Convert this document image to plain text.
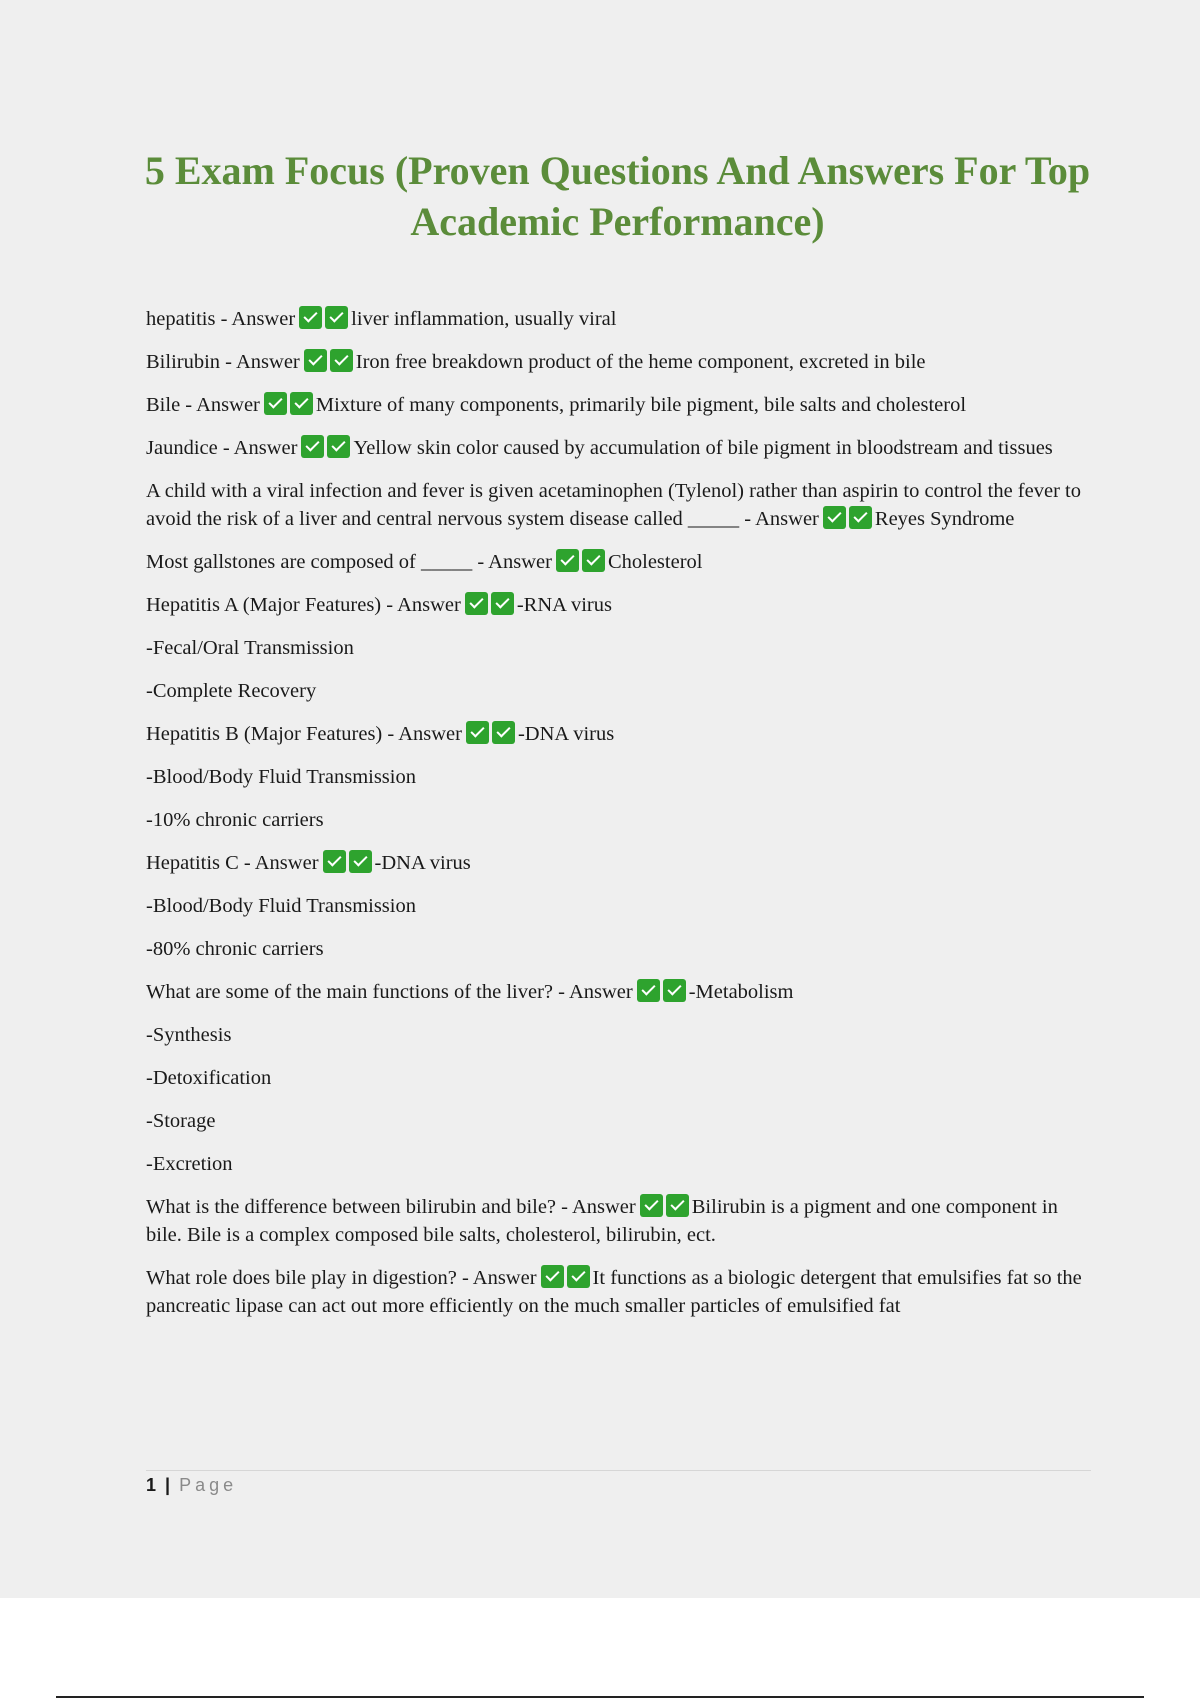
5 Exam Focus (Proven Questions And Answers For Top Academic Performance)
hepatitis - Answer	liver inflammation, usually viral
Bilirubin - Answer	Iron free breakdown product of the heme component, excreted in bile
Bile - Answer	Mixture of many components, primarily bile pigment, bile salts and cholesterol
Jaundice - Answer	Yellow skin color caused by accumulation of bile pigment in bloodstream and tissues
A child with a viral infection and fever is given acetaminophen (Tylenol) rather than aspirin to control the fever to avoid the risk of a liver and central nervous system disease called _____ - Answer	Reyes Syndrome
Most gallstones are composed of _____ - Answer	Cholesterol
Hepatitis A (Major Features) - Answer	-RNA virus
-Fecal/Oral Transmission
-Complete Recovery
Hepatitis B (Major Features) - Answer	-DNA virus
-Blood/Body Fluid Transmission
-10% chronic carriers
Hepatitis C - Answer	-DNA virus
-Blood/Body Fluid Transmission
-80% chronic carriers
What are some of the main functions of the liver? - Answer	-Metabolism
-Synthesis
-Detoxification
-Storage
-Excretion
What is the difference between bilirubin and bile? - Answer	Bilirubin is a pigment and one component in bile. Bile is a complex composed bile salts, cholesterol, bilirubin, ect.
What role does bile play in digestion? - Answer	It functions as a biologic detergent that emulsifies fat so the pancreatic lipase can act out more efficiently on the much smaller particles of emulsified fat
1 | Page
